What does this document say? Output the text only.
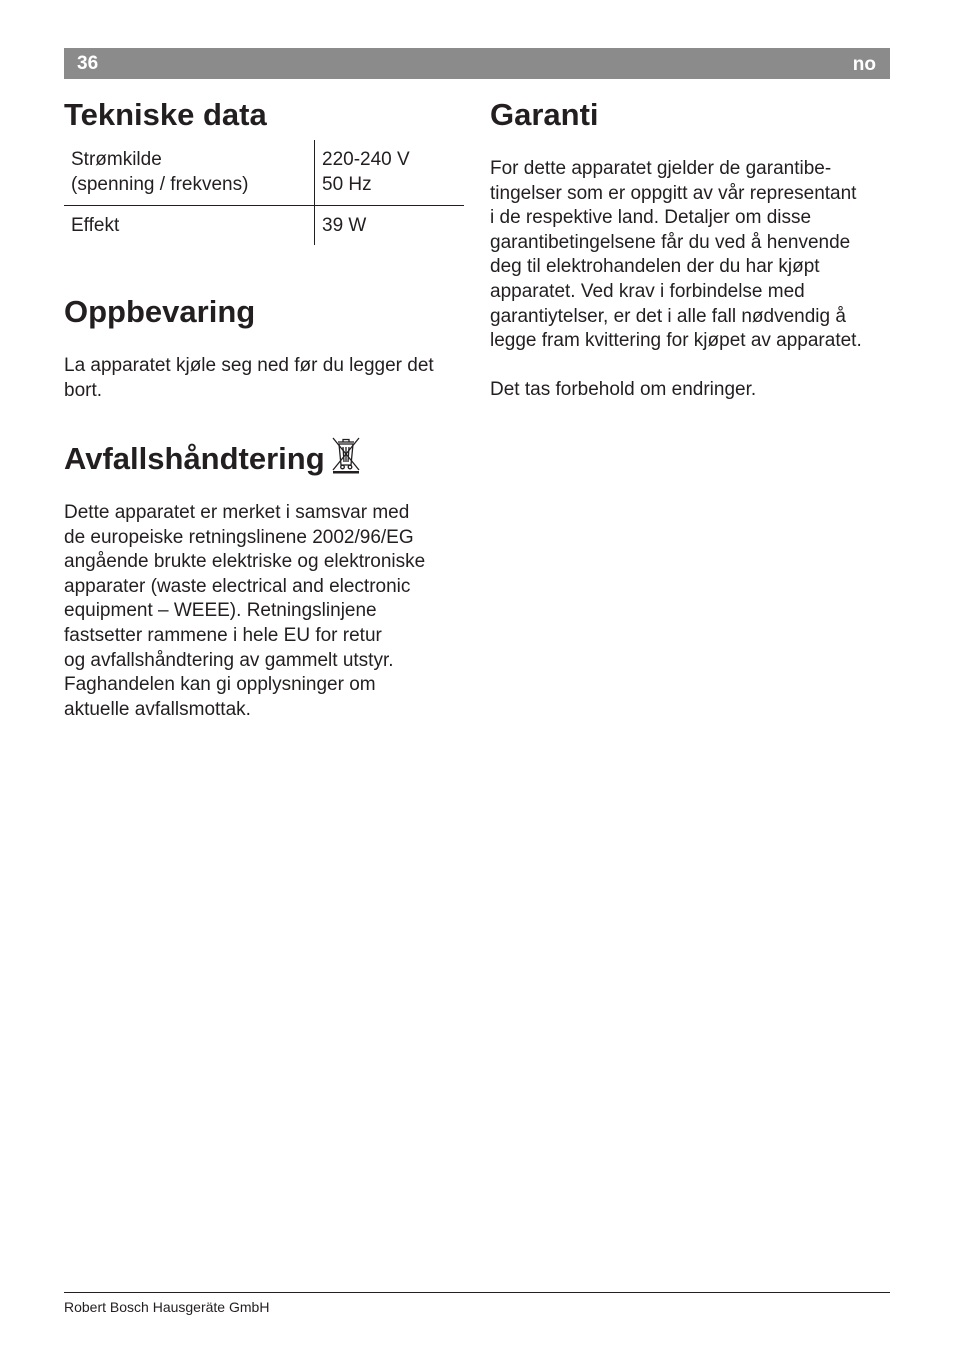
36	no
Tekniske data
Strømkilde
(spenning / frekvens)
220-240 V
50 Hz
Effekt	39 W
Oppbevaring

La apparatet kjøle seg ned før du legger det
bort.

Avfallshåndtering

Dette apparatet er merket i samsvar med
de europeiske retningslinene 2002/96/EG
angående brukte elektriske og elektroniske
apparater (waste electrical and electronic
equipment – WEEE). Retningslinjene
fastsetter rammene i hele EU for retur
og avfallshåndtering av gammelt utstyr.
Faghandelen kan gi opplysninger om
aktuelle avfallsmottak.

Garanti

For dette apparatet gjelder de garantibe-
tingelser som er oppgitt av vår representant
i de respektive land. Detaljer om disse
garantibetingelsene får du ved å henvende
deg til elektrohandelen der du har kjøpt
apparatet. Ved krav i forbindelse med
garantiytelser, er det i alle fall nødvendig å
legge fram kvittering for kjøpet av apparatet.

Det tas forbehold om endringer.

Robert Bosch Hausgeräte GmbH
